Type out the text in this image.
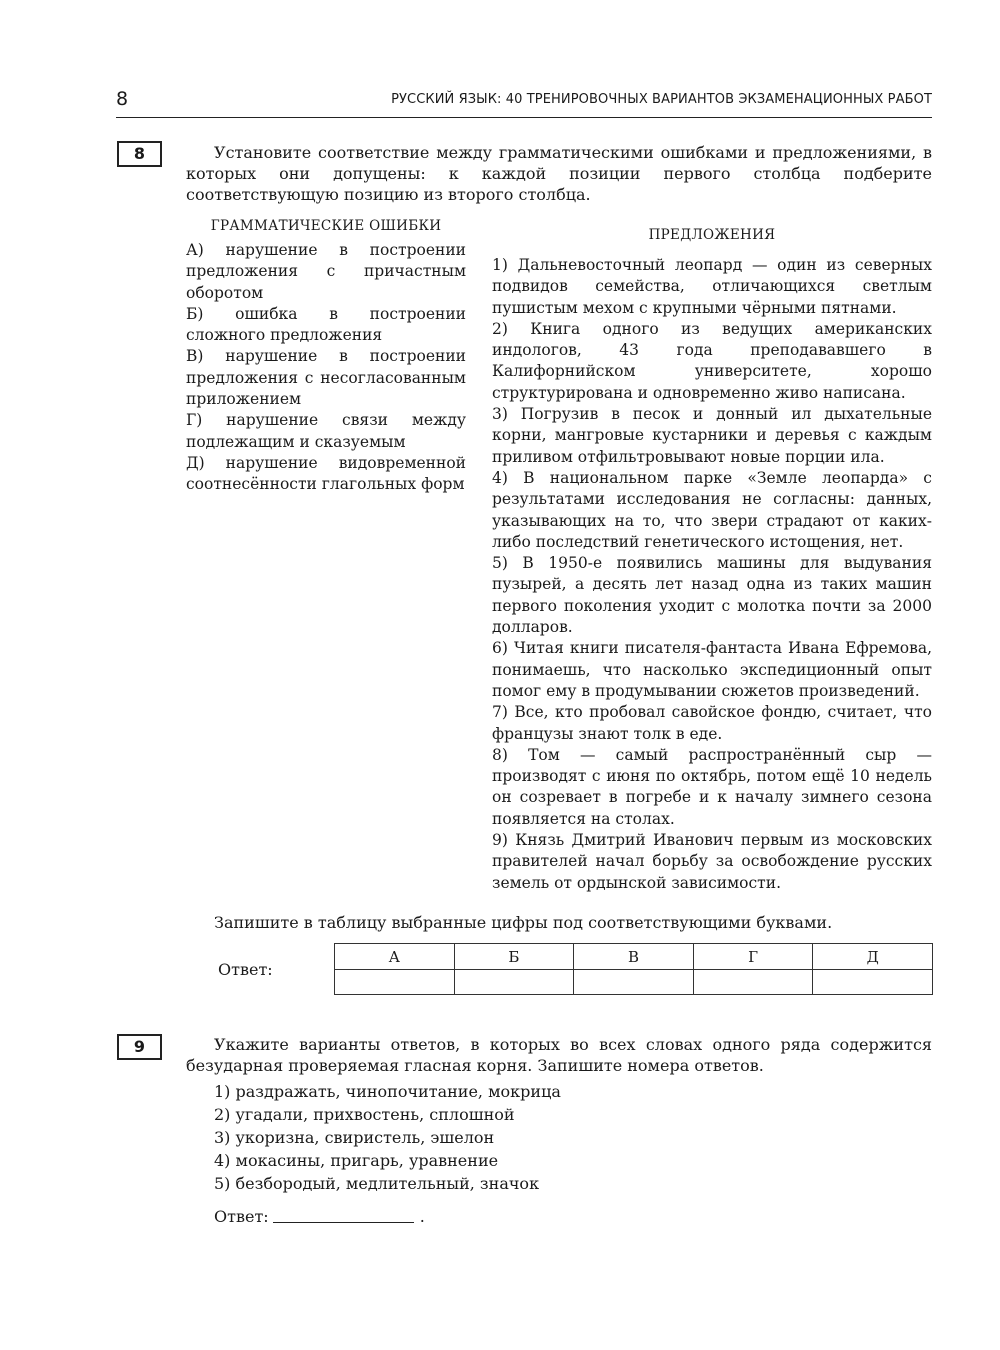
8	РУССКИЙ ЯЗЫК: 40 ТРЕНИРОВОЧНЫХ ВАРИАНТОВ ЭКЗАМЕНАЦИОННЫХ РАБОТ
8	Установите соответствие между грамматическими ошибками и предложениями, в которых они допущены: к каждой позиции первого столбца подберите соответствующую позицию из второго столбца.

ГРАММАТИЧЕСКИЕ ОШИБКИ
А) нарушение в построении предложения с причастным оборотом
Б) ошибка в построении сложного предложения
В) нарушение в построении предложения с несогласованным приложением
Г) нарушение связи между подлежащим и сказуемым
Д) нарушение видовременной соотнесённости глагольных форм
ПРЕДЛОЖЕНИЯ
1) Дальневосточный леопард — один из северных подвидов семейства, отличающихся светлым пушистым мехом с крупными чёрными пятнами.
2) Книга одного из ведущих американских индологов, 43 года преподававшего в Калифорнийском университете, хорошо структурирована и одновременно живо написана.
3) Погрузив в песок и донный ил дыхательные корни, мангровые кустарники и деревья с каждым приливом отфильтровывают новые порции ила.
4) В национальном парке «Земле леопарда» с результатами исследования не согласны: данных, указывающих на то, что звери страдают от каких-либо последствий генетического истощения, нет.
5) В 1950-е появились машины для выдувания пузырей, а десять лет назад одна из таких машин первого поколения уходит с молотка почти за 2000 долларов.
6) Читая книги писателя-фантаста Ивана Ефремова, понимаешь, что насколько экспедиционный опыт помог ему в продумывании сюжетов произведений.
7) Все, кто пробовал савойское фондю, считает, что французы знают толк в еде.
8) Том — самый распространённый сыр — производят с июня по октябрь, потом ещё 10 недель он созревает в погребе и к началу зимнего сезона появляется на столах.
9) Князь Дмитрий Иванович первым из московских правителей начал борьбу за освобождение русских земель от ордынской зависимости.
Запишите в таблицу выбранные цифры под соответствующими буквами.
Ответ:
А	Б	В	Г	Д

9	Укажите варианты ответов, в которых во всех словах одного ряда содержится безударная проверяемая гласная корня. Запишите номера ответов.

1) раздражать, чинопочитание, мокрица
2) угадали, прихвостень, сплошной
3) укоризна, свиристель, эшелон
4) мокасины, пригарь, уравнение
5) безбородый, медлительный, значок
Ответ:	.
